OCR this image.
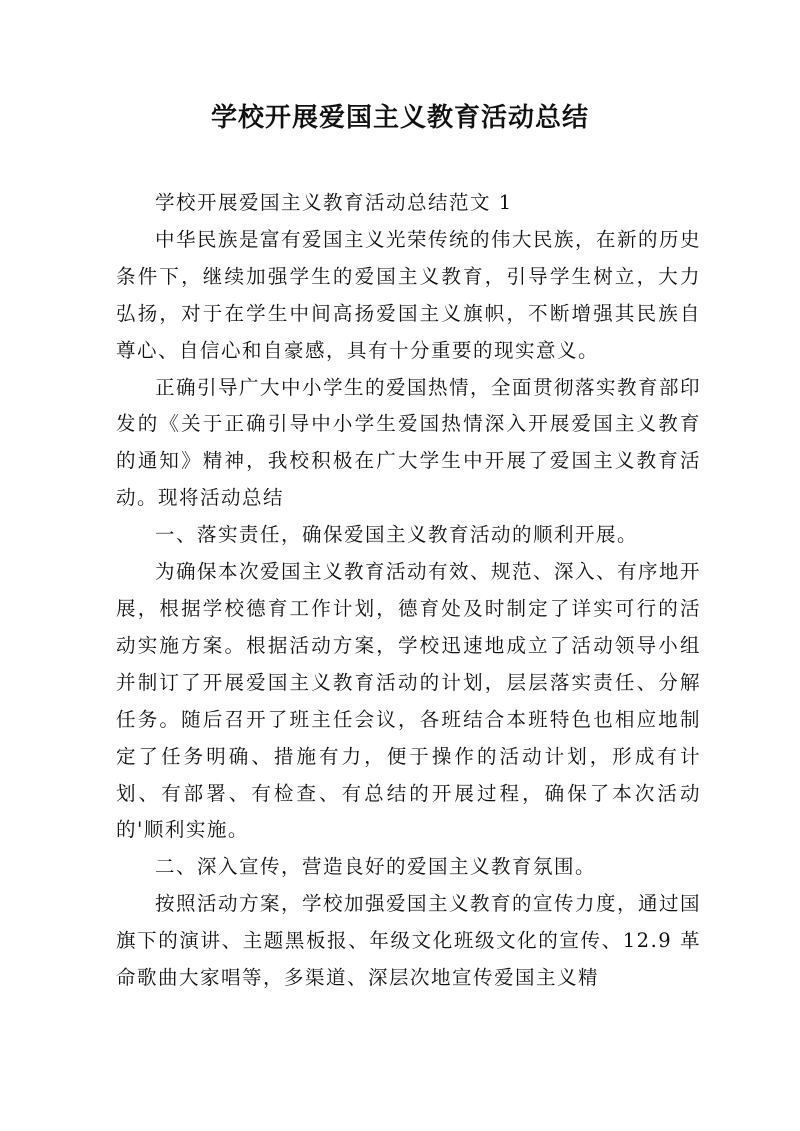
学校开展爱国主义教育活动总结

学校开展爱国主义教育活动总结范文 1

中华民族是富有爱国主义光荣传统的伟大民族，在新的历史条件下，继续加强学生的爱国主义教育，引导学生树立，大力弘扬，对于在学生中间高扬爱国主义旗帜，不断增强其民族自尊心、自信心和自豪感，具有十分重要的现实意义。

正确引导广大中小学生的爱国热情，全面贯彻落实教育部印发的《关于正确引导中小学生爱国热情深入开展爱国主义教育的通知》精神，我校积极在广大学生中开展了爱国主义教育活动。现将活动总结

一、落实责任，确保爱国主义教育活动的顺利开展。

为确保本次爱国主义教育活动有效、规范、深入、有序地开展，根据学校德育工作计划，德育处及时制定了详实可行的活动实施方案。根据活动方案，学校迅速地成立了活动领导小组并制订了开展爱国主义教育活动的计划，层层落实责任、分解任务。随后召开了班主任会议，各班结合本班特色也相应地制定了任务明确、措施有力，便于操作的活动计划，形成有计划、有部署、有检查、有总结的开展过程，确保了本次活动的'顺利实施。

二、深入宣传，营造良好的爱国主义教育氛围。

按照活动方案，学校加强爱国主义教育的宣传力度，通过国旗下的演讲、主题黑板报、年级文化班级文化的宣传、12.9 革命歌曲大家唱等，多渠道、深层次地宣传爱国主义精
